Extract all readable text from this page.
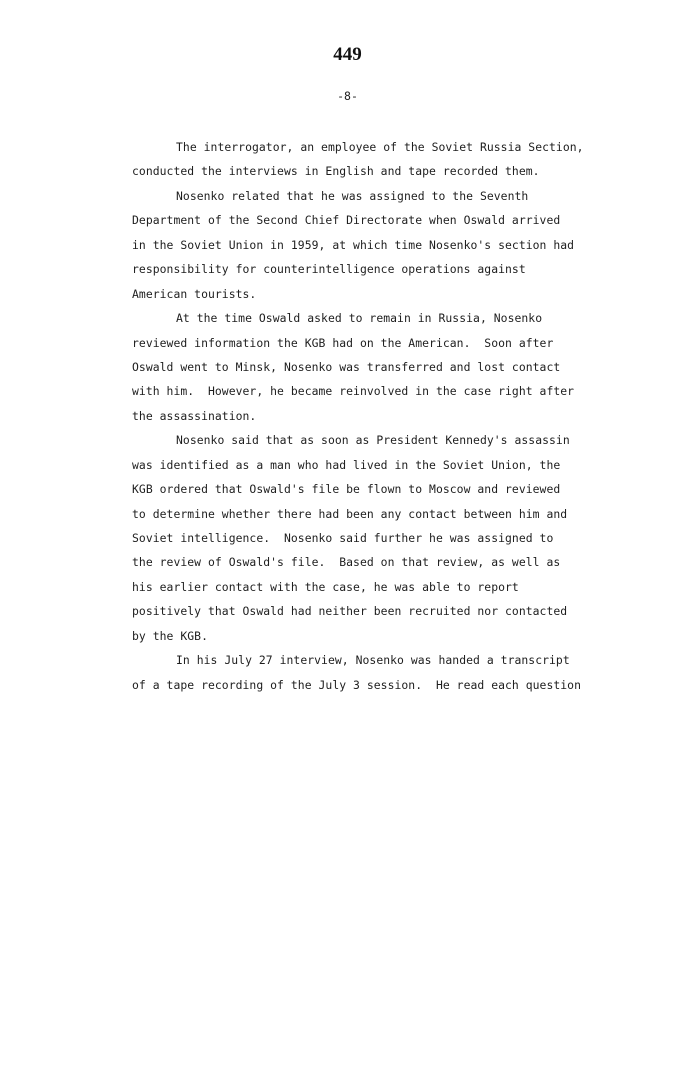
449
-8-
The interrogator, an employee of the Soviet Russia Section,
conducted the interviews in English and tape recorded them.
Nosenko related that he was assigned to the Seventh
Department of the Second Chief Directorate when Oswald arrived
in the Soviet Union in 1959, at which time Nosenko's section had
responsibility for counterintelligence operations against
American tourists.
At the time Oswald asked to remain in Russia, Nosenko
reviewed information the KGB had on the American.  Soon after
Oswald went to Minsk, Nosenko was transferred and lost contact
with him.  However, he became reinvolved in the case right after
the assassination.
Nosenko said that as soon as President Kennedy's assassin
was identified as a man who had lived in the Soviet Union, the
KGB ordered that Oswald's file be flown to Moscow and reviewed
to determine whether there had been any contact between him and
Soviet intelligence.  Nosenko said further he was assigned to
the review of Oswald's file.  Based on that review, as well as
his earlier contact with the case, he was able to report
positively that Oswald had neither been recruited nor contacted
by the KGB.
In his July 27 interview, Nosenko was handed a transcript
of a tape recording of the July 3 session.  He read each question
